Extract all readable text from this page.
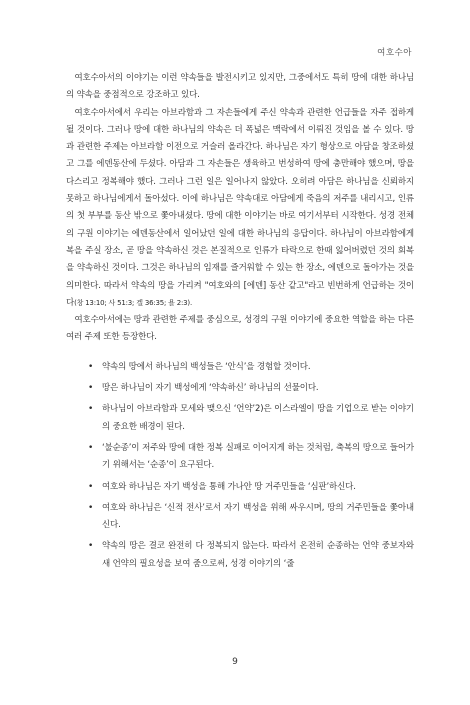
여호수아

여호수아서의 이야기는 이런 약속들을 발전시키고 있지만, 그중에서도 특히 땅에 대한 하나님의 약속을 중점적으로 강조하고 있다.

여호수아서에서 우리는 아브라함과 그 자손들에게 주신 약속과 관련한 언급들을 자주 접하게 될 것이다. 그러나 땅에 대한 하나님의 약속은 더 폭넓은 맥락에서 이뤄진 것임을 볼 수 있다. 땅과 관련한 주제는 아브라함 이전으로 거슬러 올라간다. 하나님은 자기 형상으로 아담을 창조하셨고 그를 에덴동산에 두셨다. 아담과 그 자손들은 생육하고 번성하여 땅에 충만해야 했으며, 땅을 다스리고 정복해야 했다. 그러나 그런 일은 일어나지 않았다. 오히려 아담은 하나님을 신뢰하지 못하고 하나님에게서 돌아섰다. 이에 하나님은 약속대로 아담에게 죽음의 저주를 내리시고, 인류의 첫 부부를 동산 밖으로 쫓아내셨다. 땅에 대한 이야기는 바로 여기서부터 시작한다. 성경 전체의 구원 이야기는 에덴동산에서 일어났던 일에 대한 하나님의 응답이다. 하나님이 아브라함에게 복을 주실 장소, 곧 땅을 약속하신 것은 본질적으로 인류가 타락으로 한때 잃어버렸던 것의 회복을 약속하신 것이다. 그것은 하나님의 임재를 즐거워할 수 있는 한 장소, 에덴으로 돌아가는 것을 의미한다. 따라서 약속의 땅을 가리켜 "여호와의 [에덴] 동산 같고"라고 빈번하게 언급하는 것이다(창 13:10; 사 51:3; 겔 36:35; 욜 2:3).

여호수아서에는 땅과 관련한 주제를 중심으로, 성경의 구원 이야기에 중요한 역할을 하는 다른 여러 주제 또한 등장한다.

• 약속의 땅에서 하나님의 백성들은 ‘안식’을 경험할 것이다.
• 땅은 하나님이 자기 백성에게 ‘약속하신’ 하나님의 선물이다.
• 하나님이 아브라함과 모세와 맺으신 ‘언약’2)은 이스라엘이 땅을 기업으로 받는 이야기의 중요한 배경이 된다.
• ‘불순종’이 저주와 땅에 대한 정복 실패로 이어지게 하는 것처럼, 축복의 땅으로 들어가기 위해서는 ‘순종’이 요구된다.
• 여호와 하나님은 자기 백성을 통해 가나안 땅 거주민들을 ‘심판’하신다.
• 여호와 하나님은 ‘신적 전사’로서 자기 백성을 위해 싸우시며, 땅의 거주민들을 쫓아내신다.
• 약속의 땅은 결코 완전히 다 정복되지 않는다. 따라서 온전히 순종하는 언약 중보자와 새 언약의 필요성을 보여 줌으로써, 성경 이야기의 ‘줄
9
